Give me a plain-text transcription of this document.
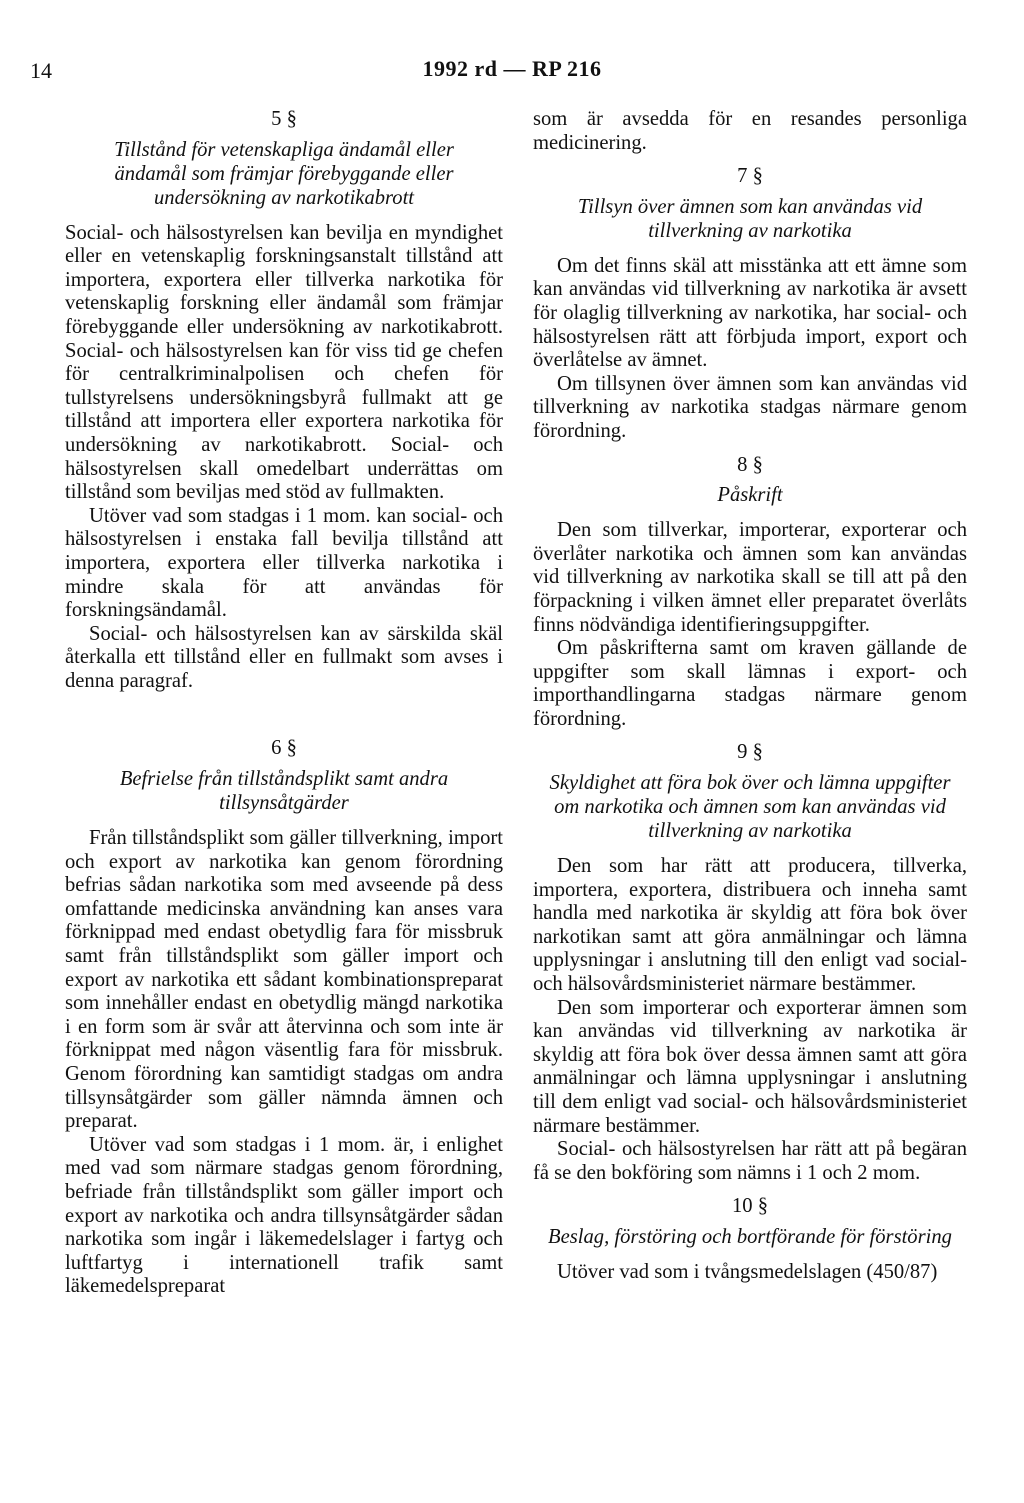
14	1992 rd — RP 216
5 §
Tillstånd för vetenskapliga ändamål eller ändamål som främjar förebyggande eller undersökning av narkotikabrott

Social- och hälsostyrelsen kan bevilja en myndighet eller en vetenskaplig forskningsanstalt tillstånd att importera, exportera eller tillverka narkotika för vetenskaplig forskning eller ändamål som främjar förebyggande eller undersökning av narkotikabrott. Social- och hälsostyrelsen kan för viss tid ge chefen för centralkriminalpolisen och chefen för tullstyrelsens undersökningsbyrå fullmakt att ge tillstånd att importera eller exportera narkotika för undersökning av narkotikabrott. Social- och hälsostyrelsen skall omedelbart underrättas om tillstånd som beviljas med stöd av fullmakten.

Utöver vad som stadgas i 1 mom. kan social- och hälsostyrelsen i enstaka fall bevilja tillstånd att importera, exportera eller tillverka narkotika i mindre skala för att användas för forskningsändamål.

Social- och hälsostyrelsen kan av särskilda skäl återkalla ett tillstånd eller en fullmakt som avses i denna paragraf.

6 §
Befrielse från tillståndsplikt samt andra tillsynsåtgärder

Från tillståndsplikt som gäller tillverkning, import och export av narkotika kan genom förordning befrias sådan narkotika som med avseende på dess omfattande medicinska användning kan anses vara förknippad med endast obetydlig fara för missbruk samt från tillståndsplikt som gäller import och export av narkotika ett sådant kombinationspreparat som innehåller endast en obetydlig mängd narkotika i en form som är svår att återvinna och som inte är förknippat med någon väsentlig fara för missbruk. Genom förordning kan samtidigt stadgas om andra tillsynsåtgärder som gäller nämnda ämnen och preparat.

Utöver vad som stadgas i 1 mom. är, i enlighet med vad som närmare stadgas genom förordning, befriade från tillståndsplikt som gäller import och export av narkotika och andra tillsynsåtgärder sådan narkotika som ingår i läkemedelslager i fartyg och luftfartyg i internationell trafik samt läkemedelspreparat

som är avsedda för en resandes personliga medicinering.

7 §
Tillsyn över ämnen som kan användas vid tillverkning av narkotika

Om det finns skäl att misstänka att ett ämne som kan användas vid tillverkning av narkotika är avsett för olaglig tillverkning av narkotika, har social- och hälsostyrelsen rätt att förbjuda import, export och överlåtelse av ämnet.

Om tillsynen över ämnen som kan användas vid tillverkning av narkotika stadgas närmare genom förordning.

8 §
Påskrift

Den som tillverkar, importerar, exporterar och överlåter narkotika och ämnen som kan användas vid tillverkning av narkotika skall se till att på den förpackning i vilken ämnet eller preparatet överlåts finns nödvändiga identifieringsuppgifter.

Om påskrifterna samt om kraven gällande de uppgifter som skall lämnas i export- och importhandlingarna stadgas närmare genom förordning.

9 §
Skyldighet att föra bok över och lämna uppgifter om narkotika och ämnen som kan användas vid tillverkning av narkotika

Den som har rätt att producera, tillverka, importera, exportera, distribuera och inneha samt handla med narkotika är skyldig att föra bok över narkotikan samt att göra anmälningar och lämna upplysningar i anslutning till den enligt vad social- och hälsovårdsministeriet närmare bestämmer.

Den som importerar och exporterar ämnen som kan användas vid tillverkning av narkotika är skyldig att föra bok över dessa ämnen samt att göra anmälningar och lämna upplysningar i anslutning till dem enligt vad social- och hälsovårdsministeriet närmare bestämmer.

Social- och hälsostyrelsen har rätt att på begäran få se den bokföring som nämns i 1 och 2 mom.

10 §
Beslag, förstöring och bortförande för förstöring

Utöver vad som i tvångsmedelslagen (450/87)
